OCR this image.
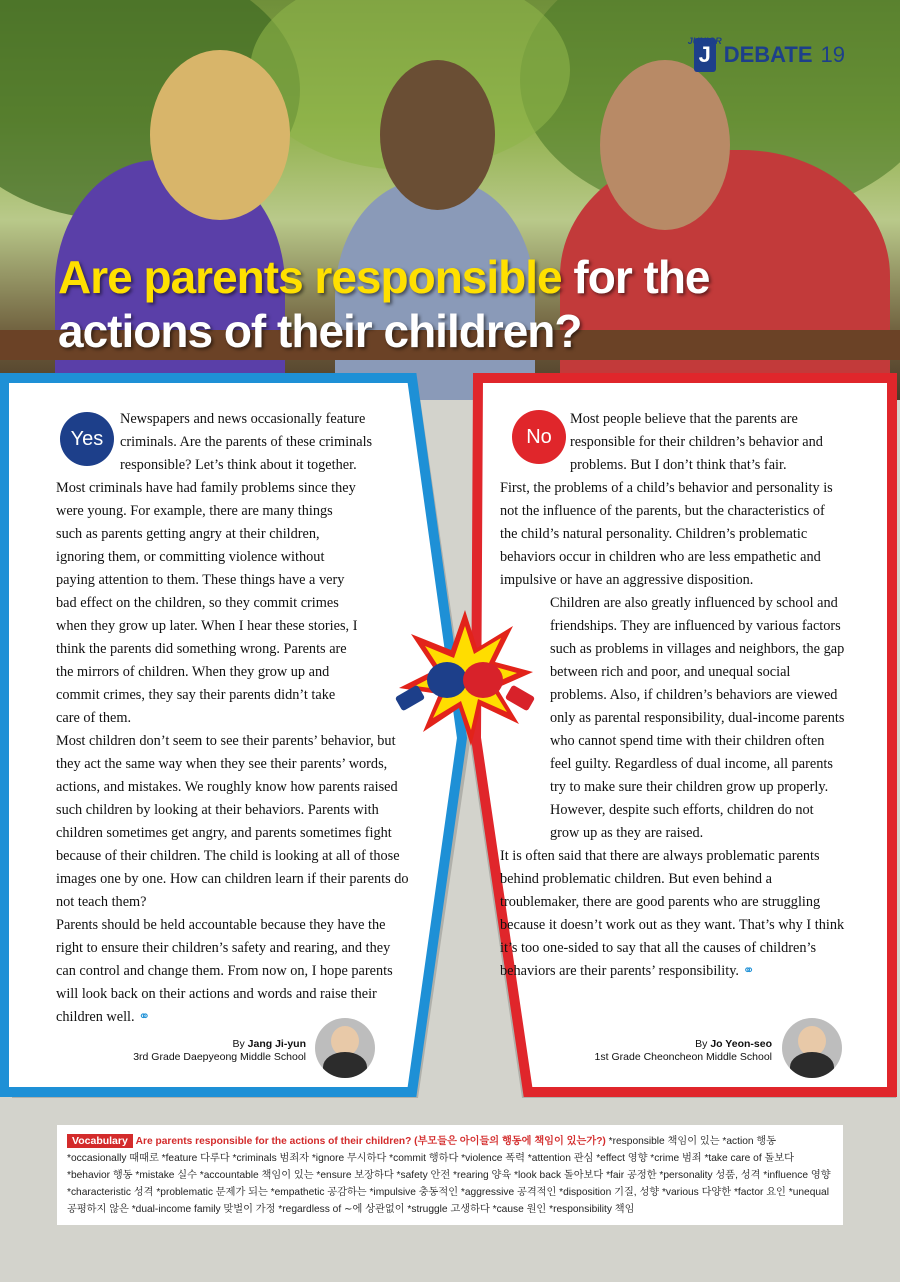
JUNIOR
J DEBATE 19
Are parents responsible for the actions of their children?
Yes

Newspapers and news occasionally feature criminals. Are the parents of these criminals responsible? Let’s think about it together.

Most criminals have had family problems since they were young. For example, there are many things such as parents getting angry at their children, ignoring them, or committing violence without paying attention to them. These things have a very bad effect on the children, so they commit crimes when they grow up later. When I hear these stories, I think the parents did something wrong. Parents are the mirrors of children. When they grow up and commit crimes, they say their parents didn’t take care of them.

Most children don’t seem to see their parents’ behavior, but they act the same way when they see their parents’ words, actions, and mistakes. We roughly know how parents raised such children by looking at their behaviors. Parents with children sometimes get angry, and parents sometimes fight because of their children. The child is looking at all of those images one by one. How can children learn if their parents do not teach them?

Parents should be held accountable because they have the right to ensure their children’s safety and rearing, and they can control and change them. From now on, I hope parents will look back on their actions and words and raise their children well. ⚭

By Jang Ji-yun
3rd Grade Daepyeong Middle School
No

Most people believe that the parents are responsible for their children’s behavior and problems. But I don’t think that’s fair.

First, the problems of a child’s behavior and personality is not the influence of the parents, but the characteristics of the child’s natural personality. Children’s problematic behaviors occur in children who are less empathetic and impulsive or have an aggressive disposition.

Children are also greatly influenced by school and friendships. They are influenced by various factors such as problems in villages and neighbors, the gap between rich and poor, and unequal social problems. Also, if children’s behaviors are viewed only as parental responsibility, dual-income parents who cannot spend time with their children often feel guilty. Regardless of dual income, all parents try to make sure their children grow up properly. However, despite such efforts, children do not grow up as they are raised.

It is often said that there are always problematic parents behind problematic children. But even behind a troublemaker, there are good parents who are struggling because it doesn’t work out as they want. That’s why I think it’s too one-sided to say that all the causes of children’s behaviors are their parents’ responsibility. ⚭

By Jo Yeon-seo
1st Grade Cheoncheon Middle School
Vocabulary Are parents responsible for the actions of their children? (부모들은 아이들의 행동에 책임이 있는가?) *responsible 책임이 있는 *action 행동 *occasionally 때때로 *feature 다루다 *criminals 범죄자 *ignore 무시하다 *commit 행하다 *violence 폭력 *attention 관심 *effect 영향 *crime 범죄 *take care of 돌보다 *behavior 행동 *mistake 실수 *accountable 책임이 있는 *ensure 보장하다 *safety 안전 *rearing 양육 *look back 돌아보다 *fair 공정한 *personality 성품, 성격 *influence 영향 *characteristic 성격 *problematic 문제가 되는 *empathetic 공감하는 *impulsive 충동적인 *aggressive 공격적인 *disposition 기질, 성향 *various 다양한 *factor 요인 *unequal 공평하지 않은 *dual-income family 맞벌이 가정 *regardless of ∼에 상관없이 *struggle 고생하다 *cause 원인 *responsibility 책임
